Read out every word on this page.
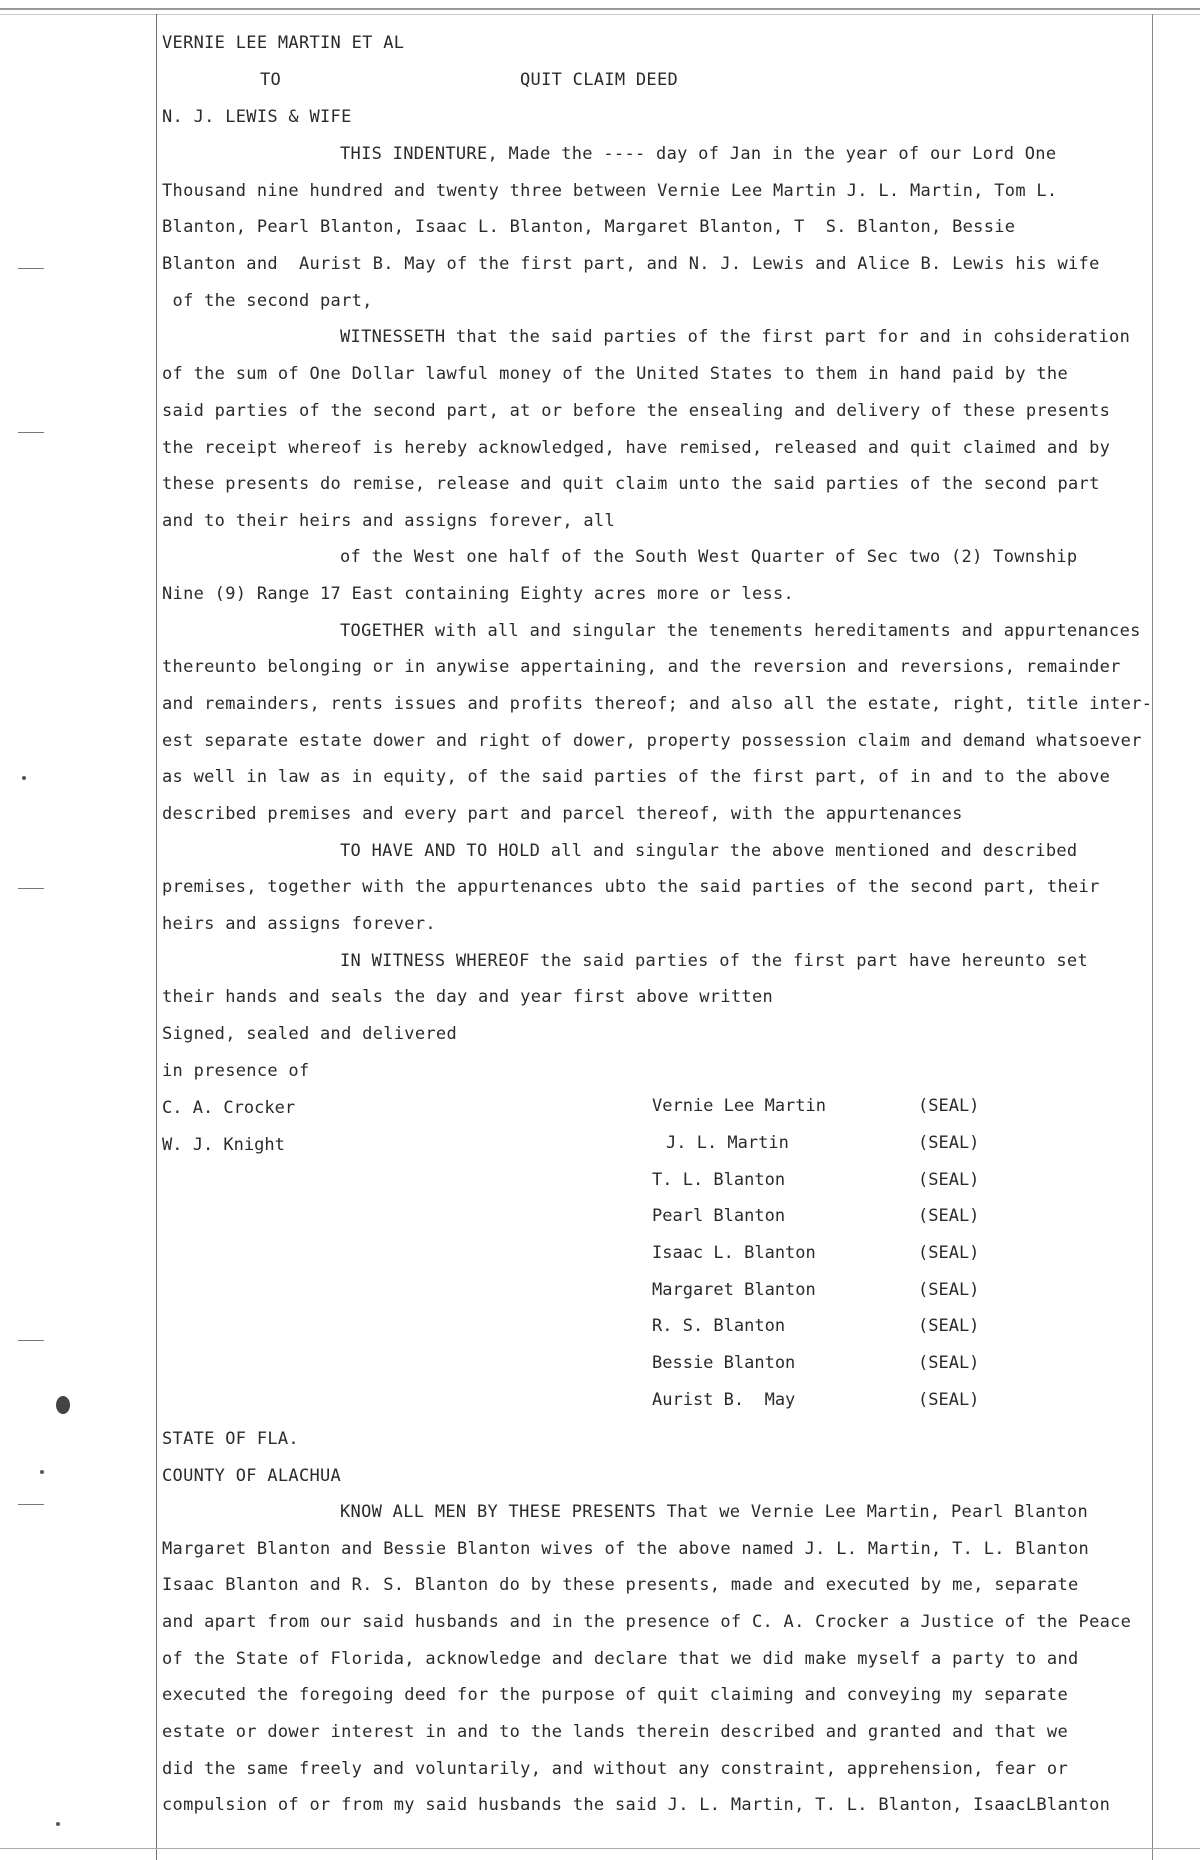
VERNIE LEE MARTIN ET AL
TO	QUIT CLAIM DEED
N. J. LEWIS & WIFE
THIS INDENTURE, Made the ---- day of Jan in the year of our Lord One
Thousand nine hundred and twenty three between Vernie Lee Martin J. L. Martin, Tom L.
Blanton, Pearl Blanton, Isaac L. Blanton, Margaret Blanton, T  S. Blanton, Bessie
Blanton and  Aurist B. May of the first part, and N. J. Lewis and Alice B. Lewis his wife
of the second part,
WITNESSETH that the said parties of the first part for and in cohsideration
of the sum of One Dollar lawful money of the United States to them in hand paid by the
said parties of the second part, at or before the ensealing and delivery of these presents
the receipt whereof is hereby acknowledged, have remised, released and quit claimed and by
these presents do remise, release and quit claim unto the said parties of the second part
and to their heirs and assigns forever, all
of the West one half of the South West Quarter of Sec two (2) Township
Nine (9) Range 17 East containing Eighty acres more or less.
TOGETHER with all and singular the tenements hereditaments and appurtenances
thereunto belonging or in anywise appertaining, and the reversion and reversions, remainder
and remainders, rents issues and profits thereof; and also all the estate, right, title inter-
est separate estate dower and right of dower, property possession claim and demand whatsoever
as well in law as in equity, of the said parties of the first part, of in and to the above
described premises and every part and parcel thereof, with the appurtenances
TO HAVE AND TO HOLD all and singular the above mentioned and described
premises, together with the appurtenances ubto the said parties of the second part, their
heirs and assigns forever.
IN WITNESS WHEREOF the said parties of the first part have hereunto set
their hands and seals the day and year first above written
Signed, sealed and delivered
in presence of
C. A. Crocker
W. J. Knight
Vernie Lee Martin	(SEAL)
J. L. Martin	(SEAL)
T. L. Blanton	(SEAL)
Pearl Blanton	(SEAL)
Isaac L. Blanton	(SEAL)
Margaret Blanton	(SEAL)
R. S. Blanton	(SEAL)
Bessie Blanton	(SEAL)
Aurist B.  May	(SEAL)
STATE OF FLA.
COUNTY OF ALACHUA
KNOW ALL MEN BY THESE PRESENTS That we Vernie Lee Martin, Pearl Blanton
Margaret Blanton and Bessie Blanton wives of the above named J. L. Martin, T. L. Blanton
Isaac Blanton and R. S. Blanton do by these presents, made and executed by me, separate
and apart from our said husbands and in the presence of C. A. Crocker a Justice of the Peace
of the State of Florida, acknowledge and declare that we did make myself a party to and
executed the foregoing deed for the purpose of quit claiming and conveying my separate
estate or dower interest in and to the lands therein described and granted and that we
did the same freely and voluntarily, and without any constraint, apprehension, fear or
compulsion of or from my said husbands the said J. L. Martin, T. L. Blanton, IsaacLBlanton
